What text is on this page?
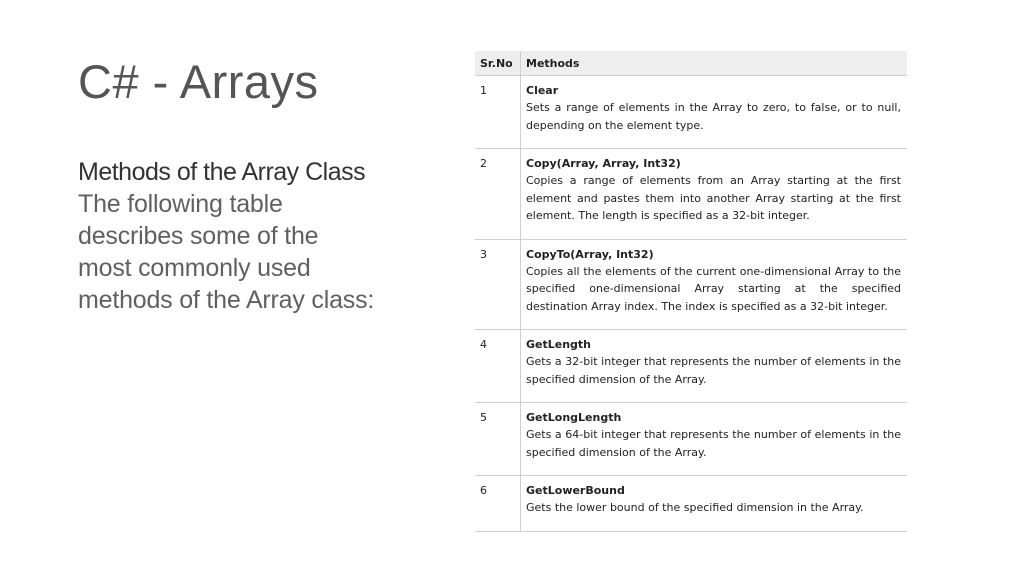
C# - Arrays

Methods of the Array Class

The following table describes some of the most commonly used methods of the Array class:

Sr.No	Methods
1	Clear
Sets a range of elements in the Array to zero, to false, or to null, depending on the element type.

2	Copy(Array, Array, Int32)
Copies a range of elements from an Array starting at the first element and pastes them into another Array starting at the first element. The length is specified as a 32-bit integer.

3	CopyTo(Array, Int32)
Copies all the elements of the current one-dimensional Array to the specified one-dimensional Array starting at the specified destination Array index. The index is specified as a 32-bit integer.

4	GetLength
Gets a 32-bit integer that represents the number of elements in the specified dimension of the Array.

5	GetLongLength
Gets a 64-bit integer that represents the number of elements in the specified dimension of the Array.

6	GetLowerBound
Gets the lower bound of the specified dimension in the Array.
